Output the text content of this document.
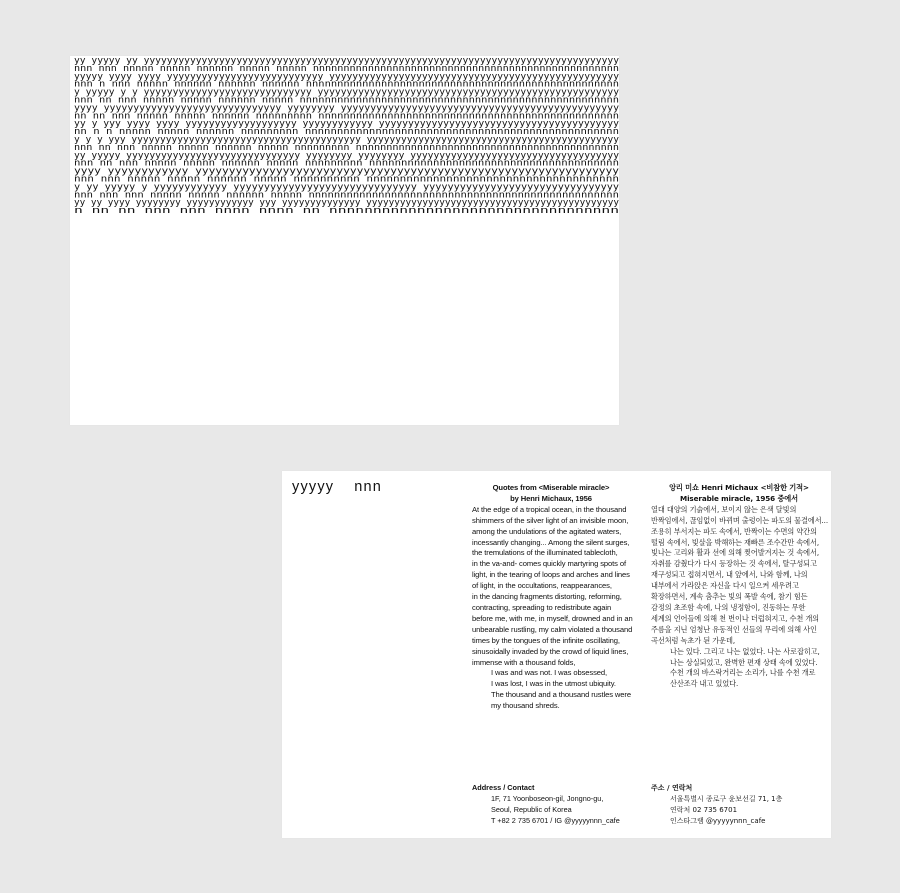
yy yyyyy yy yyyyyyyyyyyyyyyyyyyyyyyyyyyyyyyyyyyyyyyyyyyyyyyyyyyyyyyyyyyyyyyyyyyyyyyyyyyyyyyyyy
nnn nnn nnnnn nnnnn nnnnnn nnnnn nnnnn nnnnnnnnnnnnnnnnnnnnnnnnnnnnnnnnnnnnnnnnnnnnnnnnnn
yyyyy yyyy yyyy yyyyyyyyyyyyyyyyyyyyyyyyyyy yyyyyyyyyyyyyyyyyyyyyyyyyyyyyyyyyyyyyyyyyyyyyyyyyy
nnn n nnn nnnnn nnnnnn nnnnnn nnnnnn nnnnnnnnnnnnnnnnnnnnnnnnnnnnnnnnnnnnnnnnnnnnnnnnnn
y yyyyy y y yyyyyyyyyyyyyyyyyyyyyyyyyyyyy yyyyyyyyyyyyyyyyyyyyyyyyyyyyyyyyyyyyyyyyyyyyyyyyyyyy
nnn nn nnn nnnnn nnnnn nnnnnn nnnnn nnnnnnnnnnnnnnnnnnnnnnnnnnnnnnnnnnnnnnnnnnnnnnnnnnn
yyyy yyyyyyyyyyyyyyyyyyyyyyyyyyyyyy yyyyyyyy yyyyyyyyyyyyyyyyyyyyyyyyyyyyyyyyyyyyyyyyyyyyyyy
nn nn nnn nnnnn nnnnn nnnnnn nnnnnnnnn nnnnnnnnnnnnnnnnnnnnnnnnnnnnnnnnnnnnnnnnnnnnnnnn
yy y yyy yyyy yyyy yyyyyyyyyyyyyyyyyyy yyyyyyyyyyyy yyyyyyyyyyyyyyyyyyyyyyyyyyyyyyyyyyyyyyyyy
nn n n nnnnn nnnnn nnnnnn nnnnnnnnn nnnnnnnnnnnnnnnnnnnnnnnnnnnnnnnnnnnnnnnnnnnnnnnnn
y y y yyy yyyyyyyyyyyyyyyyyyyyyyyyyyyyyyyyyyyyyyyy yyyyyyyyyyyyyyyyyyyyyyyyyyyyyyyyyyyyyyyyyyyy
nnn nn nnn nnnnn nnnnn nnnnnn nnnnn nnnnnnnnn nnnnnnnnnnnnnnnnnnnnnnnnnnnnnnnnnnnnnnnnnnn
yy yyyyy yyyyyyyyyyyyyyyyyyyyyyyyyyyyyy yyyyyyyy yyyyyyyy yyyyyyyyyyyyyyyyyyyyyyyyyyyyyyyyyyyy
nnn nn nnn nnnnn nnnnn nnnnnn nnnnn nnnnnnnnn nnnnnnnnnnnnnnnnnnnnnnnnnnnnnnnnnnnnnnn
yyyy yyyyyyyyyyyy yyyyyyyyyyyyyyyyyyyyyyyyyyyyyyyyyyyyyyyyyyyyyyyyyyyyyyyyyyyyyyy
nnn nnn nnnnn nnnnn nnnnnn nnnnn nnnnnnnnnn nnnnnnnnnnnnnnnnnnnnnnnnnnnnnnnnnnnnnn
y yy yyyyy y yyyyyyyyyyyy yyyyyyyyyyyyyyyyyyyyyyyyyyyyyy yyyyyyyyyyyyyyyyyyyyyyyyyyyyyyyy
nnn nnn nnn nnnnn nnnnn nnnnnn nnnnn nnnnnnnnnnnnnnnnnnnnnnnnnnnnnnnnnnnnnnnnnnnnnnnnn
yy yy yyyy yyyyyyyy yyyyyyyyyyyy yyy yyyyyyyyyyyyyy yyyyyyyyyyyyyyyyyyyyyyyyyyyyyyyyyyyyyyyyyyyyy
n nn nn nnn nnn nnnn nnnn nn nnnnnnnnnnnnnnnnnnnnnnnnnnnnnnnnn
yyyyy nnn	Quotes from <Miserable miracle>
by Henri Michaux, 1956
At the edge of a tropical ocean, in the thousand
shimmers of the silver light of an invisible moon,
among the undulations of the agitated waters,
incessantly changing... Among the silent surges,
the tremulations of the illuminated tablecloth,
in the va-and- comes quickly martyring spots of
light, in the tearing of loops and arches and lines
of light, in the occultations, reappearances,
in the dancing fragments distorting, reforming,
contracting, spreading to redistribute again
before me, with me, in myself, drowned and in an
unbearable rustling, my calm violated a thousand
times by the tongues of the infinite oscillating,
sinusoidally invaded by the crowd of liquid lines,
immense with a thousand folds,
I was and was not. I was obsessed,
I was lost, I was in the utmost ubiquity.
The thousand and a thousand rustles were
my thousand shreds.
앙리 미쇼 Henri Michaux <비참한 기적>
Miserable miracle, 1956 중에서
열대 대양의 기슭에서, 보이지 않는 은색 달빛의
반짝임에서, 끊임없이 바뀌며 출렁이는 파도의 물결에서...
조용히 부서지는 파도 속에서, 반짝이는 수면의 약간의
떨림 속에서, 빛살을 박해하는 재빠른 조수간만 속에서,
빛나는 고리와 활과 선에 의해 찢어발겨지는 것 속에서,
자취를 감췄다가 다시 등장하는 것 속에서, 탈구성되고
재구성되고 접혀지면서, 내 앞에서, 나와 함께, 나의
내부에서 가라앉은 자신을 다시 일으켜 세우려고
확장하면서, 계속 춤추는 빛의 폭발 속에, 참기 힘든
감정의 초조함 속에, 나의 냉정함이, 진동하는 무한
세계의 언어들에 의해 천 번이나 더럽혀지고, 수천 개의
주름을 지닌 엄청난 유동적인 선들의 무리에 의해 사인
곡선처럼 녹초가 된 가운데,
나는 있다. 그리고 나는 없었다. 나는 사로잡히고,
나는 상실되었고, 완벽한 편재 상태 속에 있었다.
수천 개의 바스락거리는 소리가, 나를 수천 개로
산산조각 내고 있었다.
Address / Contact
1F, 71 Yoonboseon-gil, Jongno-gu,
Seoul, Republic of Korea
T +82 2 735 6701 / IG @yyyyynnn_cafe
주소 / 연락처
서울특별시 종로구 윤보선길 71, 1층
연락처 02 735 6701
인스타그램 @yyyyynnn_cafe
